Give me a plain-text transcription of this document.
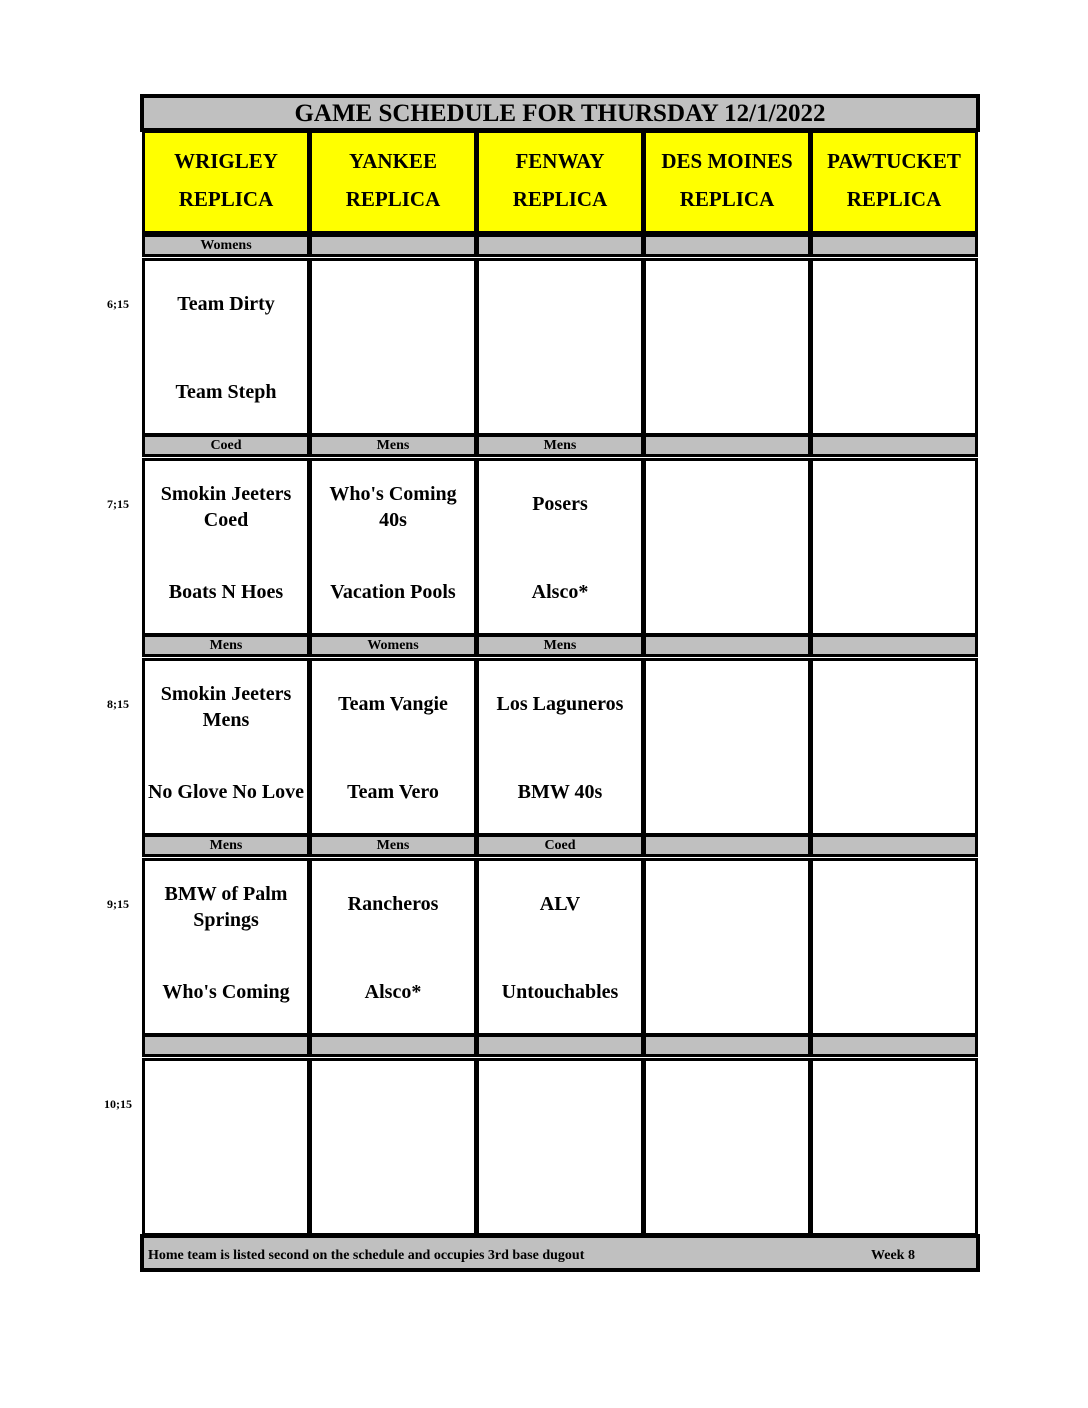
GAME SCHEDULE FOR THURSDAY 12/1/2022
WRIGLEY
REPLICA
YANKEE
REPLICA
FENWAY
REPLICA
DES MOINES
REPLICA
PAWTUCKET
REPLICA
6;15
Womens
Team Dirty
Team Steph
7;15
Coed
Smokin Jeeters Coed
Boats N Hoes
Mens
Who's Coming 40s
Vacation Pools
Mens
Posers
Alsco*
8;15
Mens
Smokin Jeeters Mens
No Glove No Love
Womens
Team Vangie
Team Vero
Mens
Los Laguneros
BMW 40s
9;15
Mens
BMW of Palm Springs
Who's Coming
Mens
Rancheros
Alsco*
Coed
ALV
Untouchables
10;15
Home team is listed second on the schedule and occupies 3rd base dugout	Week 8
